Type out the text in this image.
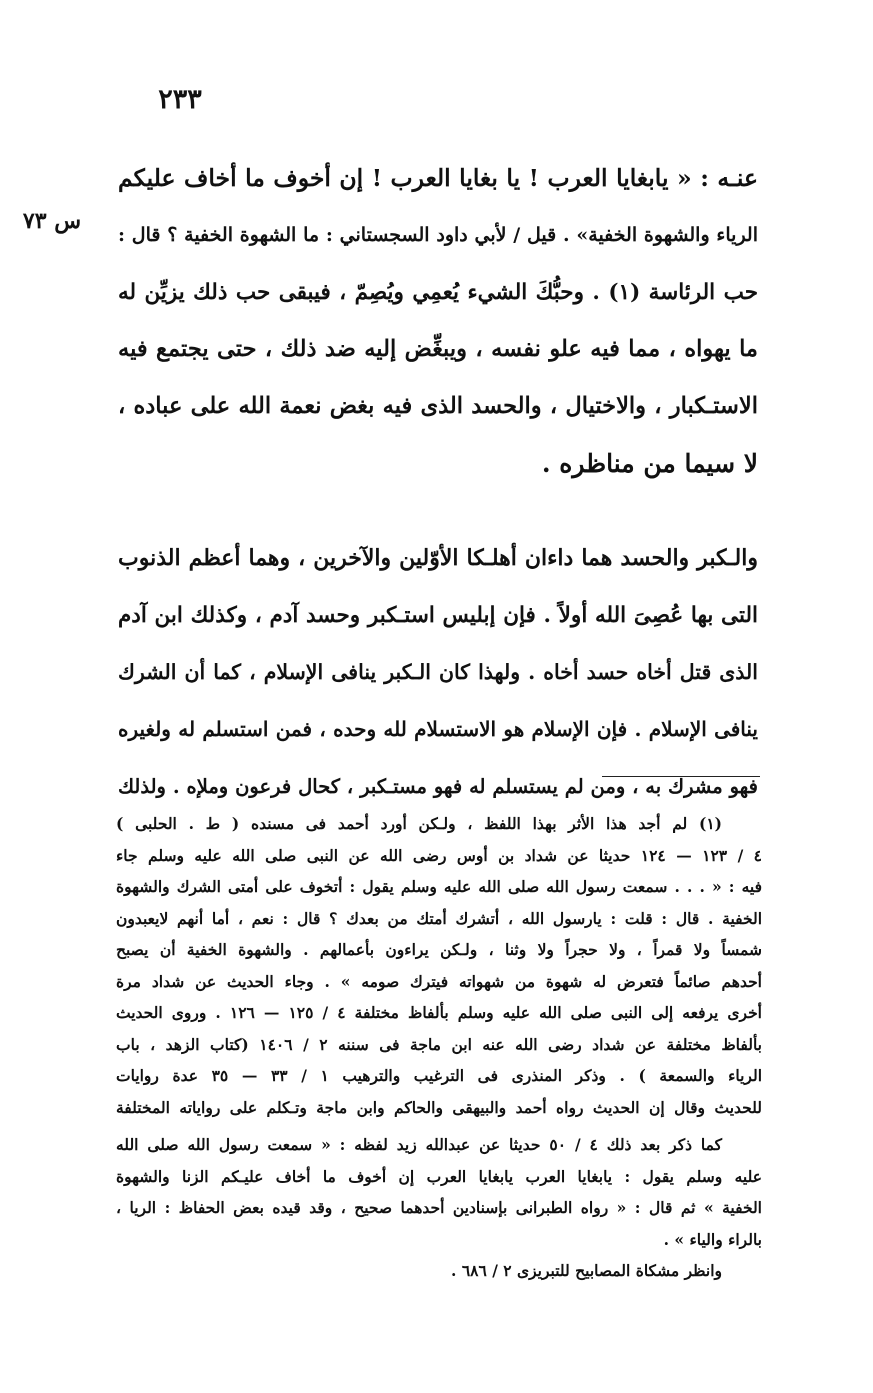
٢٣٣
س ٧٣
عنـه : « يابغايا العرب ! يا بغايا العرب ! إن أخوف ما أخاف عليكم
الرياء والشهوة الخفية» . قيل / لأبي داود السجستاني : ما الشهوة الخفية ؟ قال :
حب الرئاسة (١) . وحبُّكَ الشيء يُعمِي ويُصِمّ ، فيبقى حب ذلك يزيِّن له
ما يهواه ، مما فيه علو نفسه ، ويبغِّض إليه ضد ذلك ، حتى يجتمع فيه
الاستـكبار ، والاختيال ، والحسد الذى فيه بغض نعمة الله على عباده ،
لا سيما من مناظره .
والـكبر والحسد هما داءان أهلـكا الأوّلين والآخرين ، وهما أعظم الذنوب
التى بها عُصِىَ الله أولاً . فإن إبليس استـكبر وحسد آدم ، وكذلك ابن آدم
الذى قتل أخاه حسد أخاه . ولهذا كان الـكبر ينافى الإسلام ، كما أن الشرك
ينافى الإسلام . فإن الإسلام هو الاستسلام لله وحده ، فمن استسلم له ولغيره
فهو مشرك به ، ومن لم يستسلم له فهو مستـكبر ، كحال فرعون وملإه . ولذلك
(١) لم أجد هذا الأثر بهذا اللفظ ، ولـكن أورد أحمد فى مسنده ( ط . الحلبى )
٤ / ١٢٣ — ١٢٤ حديثا عن شداد بن أوس رضى الله عن النبى صلى الله عليه وسلم جاء
فيه : « . . . سمعت رسول الله صلى الله عليه وسلم يقول : أتخوف على أمتى الشرك والشهوة
الخفية . قال : قلت : يارسول الله ، أتشرك أمتك من بعدك ؟ قال : نعم ، أما أنهم لايعبدون
شمساً ولا قمراً ، ولا حجراً ولا وثنا ، ولـكن يراءون بأعمالهم . والشهوة الخفية أن يصبح
أحدهم صائماً فتعرض له شهوة من شهواته فيترك صومه » . وجاء الحديث عن شداد مرة
أخرى يرفعه إلى النبى صلى الله عليه وسلم بألفاظ مختلفة ٤ / ١٢٥ — ١٢٦ . وروى الحديث
بألفاظ مختلفة عن شداد رضى الله عنه ابن ماجة فى سننه ٢ / ١٤٠٦ (كتاب الزهد ، باب
الرياء والسمعة ) . وذكر المنذرى فى الترغيب والترهيب ١ / ٣٣ — ٣٥ عدة روايات
للحديث وقال إن الحديث رواه أحمد والبيهقى والحاكم وابن ماجة وتـكلم على رواياته المختلفة
كما ذكر بعد ذلك ٤ / ٥٠ حديثا عن عبدالله زيد لفظه : « سمعت رسول الله صلى الله
عليه وسلم يقول : يابغايا العرب يابغايا العرب إن أخوف ما أخاف عليـكم الزنا والشهوة
الخفية » ثم قال : « رواه الطبرانى بإسنادين أحدهما صحيح ، وقد قيده بعض الحفاظ : الريا ،
بالراء والياء » .
وانظر مشكاة المصابيح للتبريزى ٢ / ٦٨٦ .
